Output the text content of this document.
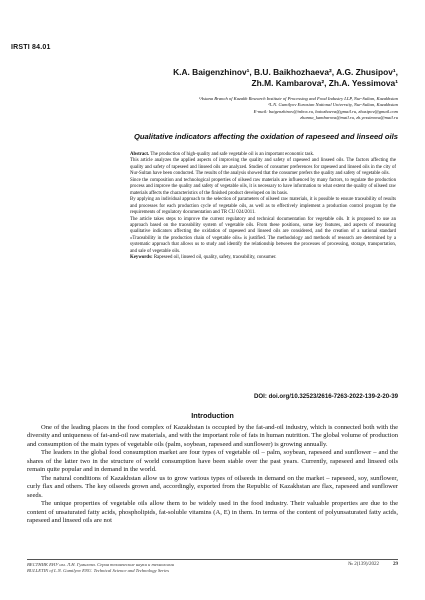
IRSTI 84.01
K.A. Baigenzhinov¹, B.U. Baikhozhaeva², A.G. Zhusipov¹,
Zh.M. Kambarova², Zh.A. Yessimova¹
¹Astana Branch of Kazakh Research Institute of Processing and Food Industry LLP, Nur-Sultan, Kazakhstan
²L.N. Gumilyov Eurasian National University, Nur-Sultan, Kazakhstan
E-mail: baigenzhinov@inbox.ru, baiozhaeva@gmail.ru, zhusipov@gmail.com
zhanna_kambarova@mail.ru, zh.yessimova@mail.ru
Qualitative indicators affecting the oxidation of rapeseed and linseed oils

Abstract. The production of high-quality and safe vegetable oil is an important economic task.

This article analyzes the applied aspects of improving the quality and safety of rapeseed and linseed oils. The factors affecting the quality and safety of rapeseed and linseed oils are analyzed. Studies of consumer preferences for rapeseed and linseed oils in the city of Nur-Sultan have been conducted. The results of the analysis showed that the consumer prefers the quality and safety of vegetable oils.

Since the composition and technological properties of oilseed raw materials are influenced by many factors, to regulate the production process and improve the quality and safety of vegetable oils, it is necessary to have information to what extent the quality of oilseed raw materials affects the characteristics of the finished product developed on its basis.

By applying an individual approach to the selection of parameters of oilseed raw materials, it is possible to ensure traceability of results and processes for each production cycle of vegetable oils, as well as to effectively implement a production control program by the requirements of regulatory documentation and TR CU 024/2011.

The article takes steps to improve the current regulatory and technical documentation for vegetable oils. It is proposed to use an approach based on the traceability system of vegetable oils. From these positions, some key features, and aspects of measuring qualitative indicators affecting the oxidation of rapeseed and linseed oils are considered, and the creation of a national standard «Traceability in the production chain of vegetable oils» is justified. The methodology and methods of research are determined by a systematic approach that allows us to study and identify the relationship between the processes of processing, storage, transportation, and sale of vegetable oils.

Keywords: Rapeseed oil, linseed oil, quality, safety, traceability, consumer.

DOI: doi.org/10.32523/2616-7263-2022-139-2-20-39
Introduction

One of the leading places in the food complex of Kazakhstan is occupied by the fat-and-oil industry, which is connected both with the diversity and uniqueness of fat-and-oil raw materials, and with the important role of fats in human nutrition. The global volume of production and consumption of the main types of vegetable oils (palm, soybean, rapeseed and sunflower) is growing annually.

The leaders in the global food consumption market are four types of vegetable oil – palm, soybean, rapeseed and sunflower – and the shares of the latter two in the structure of world consumption have been stable over the past years. Currently, rapeseed and linseed oils remain quite popular and in demand in the world.

The natural conditions of Kazakhstan allow us to grow various types of oilseeds in demand on the market – rapeseed, soy, sunflower, curly flax and others. The key oilseeds grown and, accordingly, exported from the Republic of Kazakhstan are flax, rapeseed and sunflower seeds.

The unique properties of vegetable oils allow them to be widely used in the food industry. Their valuable properties are due to the content of unsaturated fatty acids, phospholipids, fat-soluble vitamins (A, E) in them. In terms of the content of polyunsaturated fatty acids, rapeseed and linseed oils are not

ВЕСТНИК ЕНУ им. Л.Н. Гумилева. Серия технические науки и технологии
BULLETIN of L.N. Gumilyov ENU. Technical Science and Technology Series
№ 2(139)/2022	29
